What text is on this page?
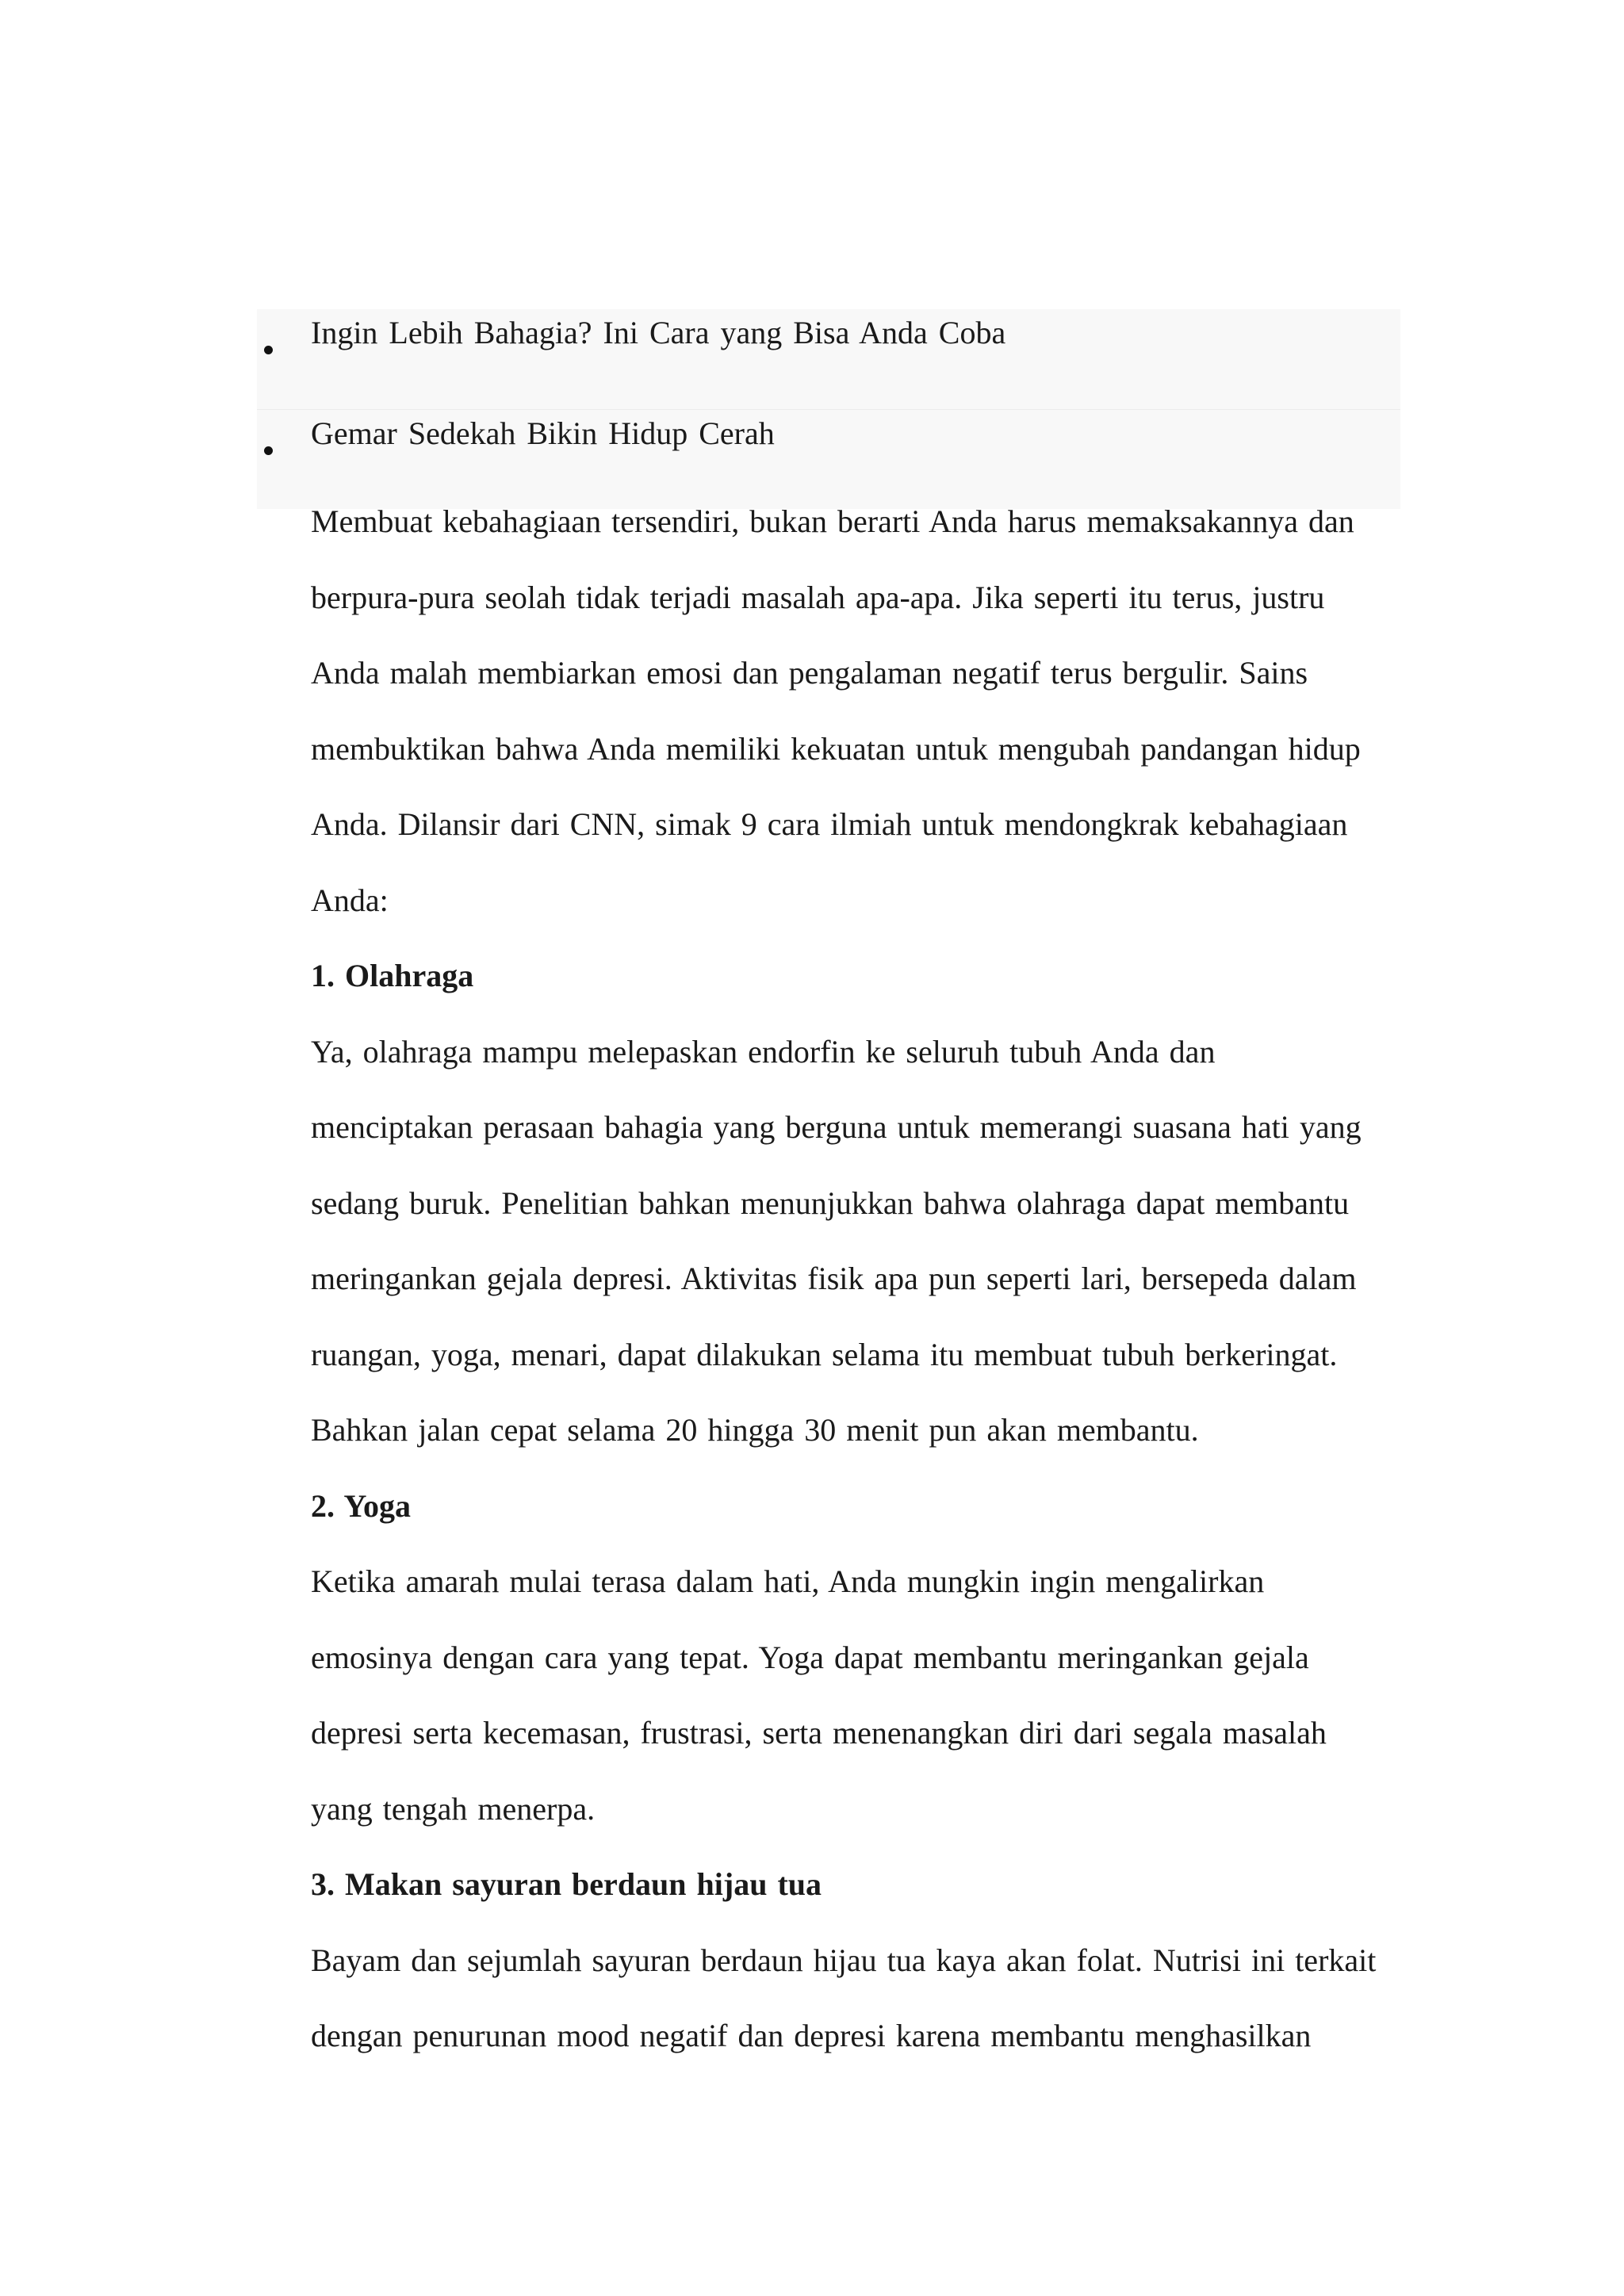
Ingin Lebih Bahagia? Ini Cara yang Bisa Anda Coba
Gemar Sedekah Bikin Hidup Cerah

Membuat kebahagiaan tersendiri, bukan berarti Anda harus memaksakannya dan

berpura-pura seolah tidak terjadi masalah apa-apa. Jika seperti itu terus, justru

Anda malah membiarkan emosi dan pengalaman negatif terus bergulir. Sains

membuktikan bahwa Anda memiliki kekuatan untuk mengubah pandangan hidup

Anda. Dilansir dari CNN, simak 9 cara ilmiah untuk mendongkrak kebahagiaan

Anda:

1. Olahraga

Ya, olahraga mampu melepaskan endorfin ke seluruh tubuh Anda dan

menciptakan perasaan bahagia yang berguna untuk memerangi suasana hati yang

sedang buruk. Penelitian bahkan menunjukkan bahwa olahraga dapat membantu

meringankan gejala depresi. Aktivitas fisik apa pun seperti lari, bersepeda dalam

ruangan, yoga, menari, dapat dilakukan selama itu membuat tubuh berkeringat.

Bahkan jalan cepat selama 20 hingga 30 menit pun akan membantu.

2. Yoga

Ketika amarah mulai terasa dalam hati, Anda mungkin ingin mengalirkan

emosinya dengan cara yang tepat. Yoga dapat membantu meringankan gejala

depresi serta kecemasan, frustrasi, serta menenangkan diri dari segala masalah

yang tengah menerpa.

3. Makan sayuran berdaun hijau tua

Bayam dan sejumlah sayuran berdaun hijau tua kaya akan folat. Nutrisi ini terkait

dengan penurunan mood negatif dan depresi karena membantu menghasilkan
